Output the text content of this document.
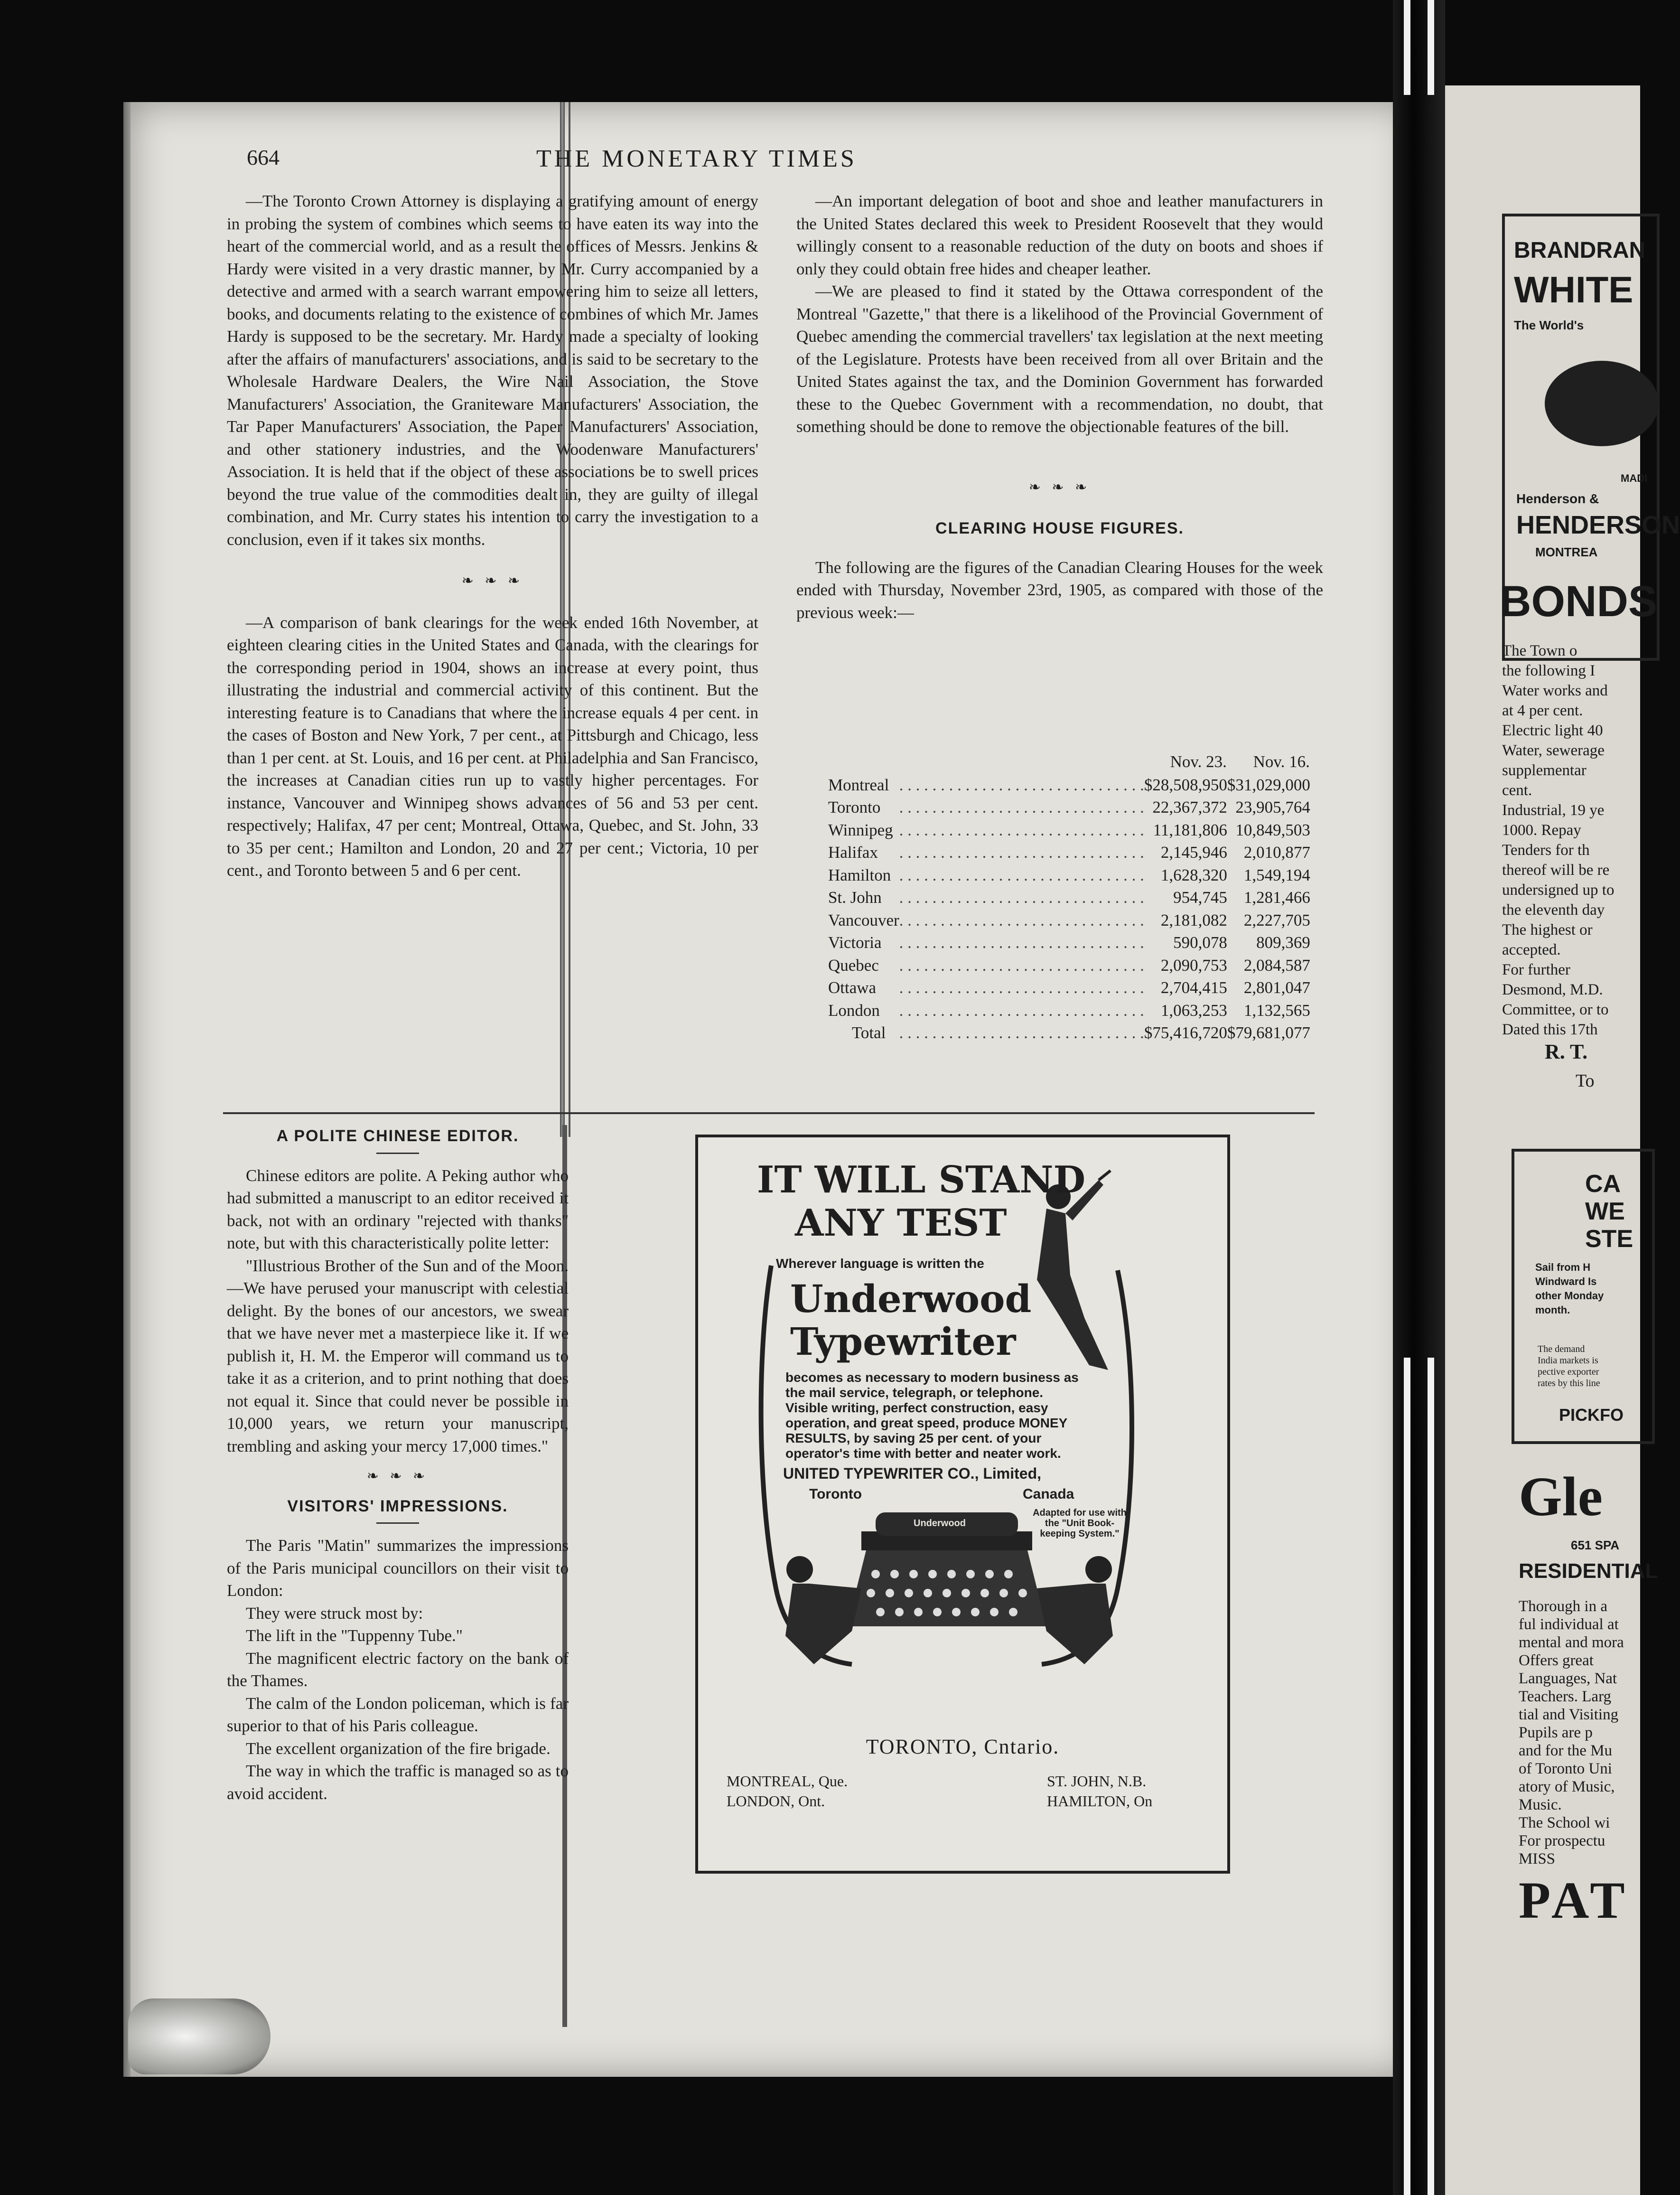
664	THE MONETARY TIMES

—The Toronto Crown Attorney is displaying a gratifying amount of energy in probing the system of combines which seems to have eaten its way into the heart of the commercial world, and as a result the offices of Messrs. Jenkins & Hardy were visited in a very drastic manner, by Mr. Curry accompanied by a detective and armed with a search warrant empowering him to seize all letters, books, and documents relating to the existence of combines of which Mr. James Hardy is supposed to be the secretary. Mr. Hardy made a specialty of looking after the affairs of manufacturers' associations, and is said to be secretary to the Wholesale Hardware Dealers, the Wire Nail Association, the Stove Manufacturers' Association, the Graniteware Manufacturers' Association, the Tar Paper Manufacturers' Association, the Paper Manufacturers' Association, and other stationery industries, and the Woodenware Manufacturers' Association. It is held that if the object of these associations be to swell prices beyond the true value of the commodities dealt in, they are guilty of illegal combination, and Mr. Curry states his intention to carry the investigation to a conclusion, even if it takes six months.

❧ ❧ ❧

—A comparison of bank clearings for the week ended 16th November, at eighteen clearing cities in the United States and Canada, with the clearings for the corresponding period in 1904, shows an increase at every point, thus illustrating the industrial and commercial activity of this continent. But the interesting feature is to Canadians that where the increase equals 4 per cent. in the cases of Boston and New York, 7 per cent., at Pittsburgh and Chicago, less than 1 per cent. at St. Louis, and 16 per cent. at Philadelphia and San Francisco, the increases at Canadian cities run up to vastly higher percentages. For instance, Vancouver and Winnipeg shows advances of 56 and 53 per cent. respectively; Halifax, 47 per cent; Montreal, Ottawa, Quebec, and St. John, 33 to 35 per cent.; Hamilton and London, 20 and 27 per cent.; Victoria, 10 per cent., and Toronto between 5 and 6 per cent.

—An important delegation of boot and shoe and leather manufacturers in the United States declared this week to President Roosevelt that they would willingly consent to a reasonable reduction of the duty on boots and shoes if only they could obtain free hides and cheaper leather.

—We are pleased to find it stated by the Ottawa correspondent of the Montreal "Gazette," that there is a likelihood of the Provincial Government of Quebec amending the commercial travellers' tax legislation at the next meeting of the Legislature. Protests have been received from all over Britain and the United States against the tax, and the Dominion Government has forwarded these to the Quebec Government with a recommendation, no doubt, that something should be done to remove the objectionable features of the bill.

❧ ❧ ❧
CLEARING HOUSE FIGURES.

The following are the figures of the Canadian Clearing Houses for the week ended with Thursday, November 23rd, 1905, as compared with those of the previous week:—

		Nov. 23.	Nov. 16.
Montreal	. . . . . . . . . . . . . . . . . . . . . . . . . . . . . .	$28,508,950	$31,029,000
Toronto	. . . . . . . . . . . . . . . . . . . . . . . . . . . . . .	22,367,372	23,905,764
Winnipeg	. . . . . . . . . . . . . . . . . . . . . . . . . . . . . .	11,181,806	10,849,503
Halifax	. . . . . . . . . . . . . . . . . . . . . . . . . . . . . .	2,145,946	2,010,877
Hamilton	. . . . . . . . . . . . . . . . . . . . . . . . . . . . . .	1,628,320	1,549,194
St. John	. . . . . . . . . . . . . . . . . . . . . . . . . . . . . .	954,745	1,281,466
Vancouver	. . . . . . . . . . . . . . . . . . . . . . . . . . . . . .	2,181,082	2,227,705
Victoria	. . . . . . . . . . . . . . . . . . . . . . . . . . . . . .	590,078	809,369
Quebec	. . . . . . . . . . . . . . . . . . . . . . . . . . . . . .	2,090,753	2,084,587
Ottawa	. . . . . . . . . . . . . . . . . . . . . . . . . . . . . .	2,704,415	2,801,047
London	. . . . . . . . . . . . . . . . . . . . . . . . . . . . . .	1,063,253	1,132,565
Total	. . . . . . . . . . . . . . . . . . . . . . . . . . . . . .	$75,416,720	$79,681,077
A POLITE CHINESE EDITOR.

Chinese editors are polite. A Peking author who had submitted a manuscript to an editor received it back, not with an ordinary "rejected with thanks" note, but with this characteristically polite letter:

"Illustrious Brother of the Sun and of the Moon.—We have perused your manuscript with celestial delight. By the bones of our ancestors, we swear that we have never met a masterpiece like it. If we publish it, H. M. the Emperor will command us to take it as a criterion, and to print nothing that does not equal it. Since that could never be possible in 10,000 years, we return your manuscript, trembling and asking your mercy 17,000 times."

❧ ❧ ❧
VISITORS' IMPRESSIONS.

The Paris "Matin" summarizes the impressions of the Paris municipal councillors on their visit to London:

They were struck most by:

The lift in the "Tuppenny Tube."

The magnificent electric factory on the bank of the Thames.

The calm of the London policeman, which is far superior to that of his Paris colleague.

The excellent organization of the fire brigade.

The way in which the traffic is managed so as to avoid accident.

IT WILL STAND
ANY TEST
Wherever language is written the
Underwood
Typewriter
becomes as necessary to modern business as the mail service, telegraph, or telephone. Visible writing, perfect construction, easy operation, and great speed, produce MONEY RESULTS, by saving 25 per cent. of your operator's time with better and neater work.
UNITED TYPEWRITER CO., Limited,
Toronto	Canada
Adapted for use with the "Unit Book-keeping System."
Underwood
TORONTO, Cntario.
MONTREAL, Que.
LONDON, Ont.
ST. JOHN, N.B.
HAMILTON, On
BRANDRAN
WHITE
The World's
MADI
Henderson &
HENDERSON
MONTREA
BONDS
The Town o
the following I
Water works and
at 4 per cent.
Electric light 40
Water, sewerage
supplementar
cent.
Industrial, 19 ye
1000. Repay
Tenders for th
thereof will be re
undersigned up to
the eleventh day
The highest or
accepted.
For further
Desmond, M.D.
Committee, or to
Dated this 17th
R. T.
To
CA
WE
STE
Sail from H
Windward Is
other Monday
month.
The demand
India markets is
pective exporter
rates by this line
PICKFO
Gle
651 SPA
RESIDENTIAL
Thorough in a
ful individual at
mental and mora
Offers great
Languages, Nat
Teachers. Larg
tial and Visiting
Pupils are p
and for the Mu
of Toronto Uni
atory of Music,
Music.
The School wi
For prospectu
MISS
PAT
